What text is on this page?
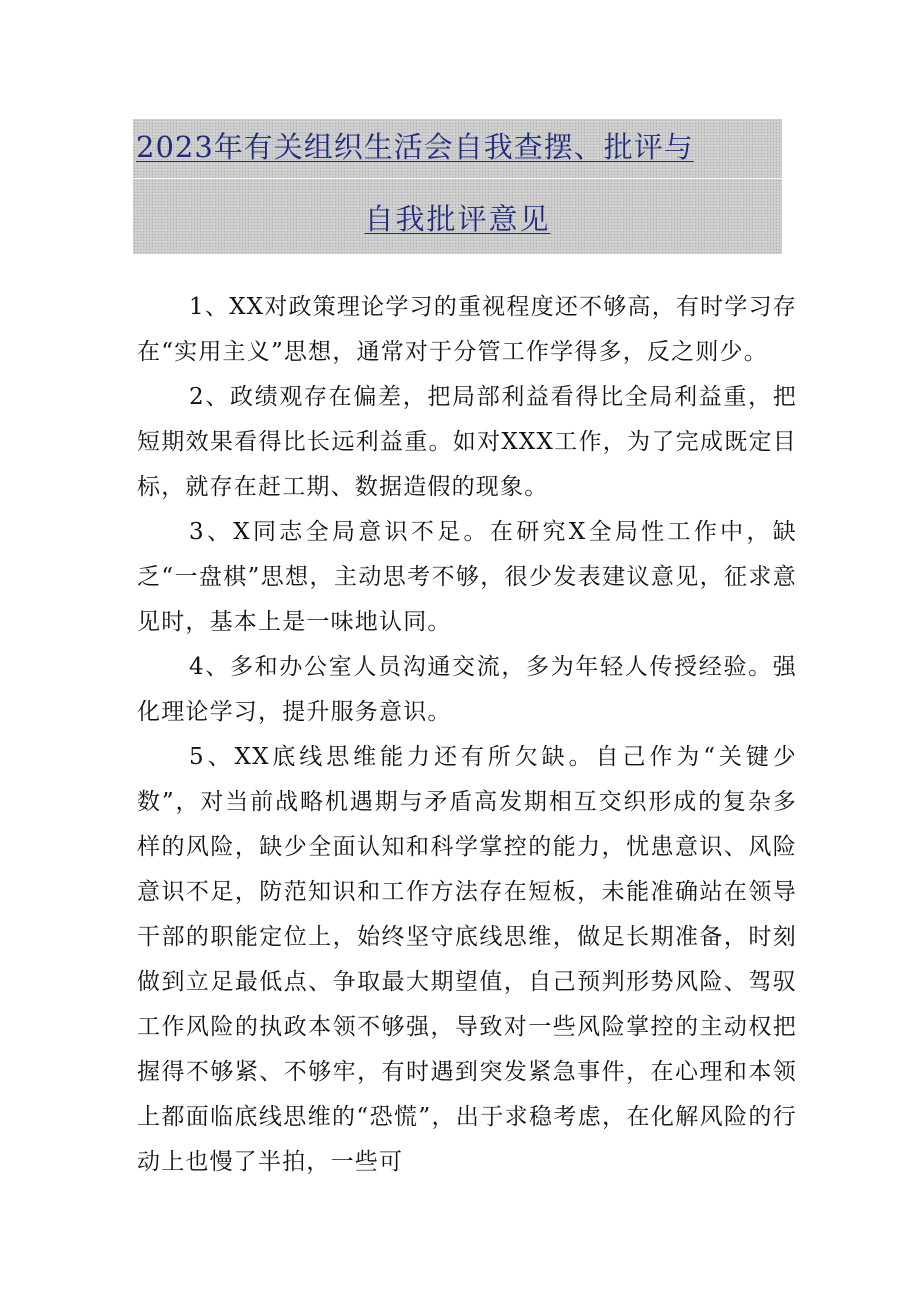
2023年有关组织生活会自我查摆、批评与
自我批评意见

1、XX对政策理论学习的重视程度还不够高，有时学习存在“实用主义”思想，通常对于分管工作学得多，反之则少。

2、政绩观存在偏差，把局部利益看得比全局利益重，把短期效果看得比长远利益重。如对XXX工作，为了完成既定目标，就存在赶工期、数据造假的现象。

3、X同志全局意识不足。在研究X全局性工作中，缺乏“一盘棋”思想，主动思考不够，很少发表建议意见，征求意见时，基本上是一味地认同。

4、多和办公室人员沟通交流，多为年轻人传授经验。强化理论学习，提升服务意识。

5、XX底线思维能力还有所欠缺。自己作为“关键少数”，对当前战略机遇期与矛盾高发期相互交织形成的复杂多样的风险，缺少全面认知和科学掌控的能力，忧患意识、风险意识不足，防范知识和工作方法存在短板，未能准确站在领导干部的职能定位上，始终坚守底线思维，做足长期准备，时刻做到立足最低点、争取最大期望值，自己预判形势风险、驾驭工作风险的执政本领不够强，导致对一些风险掌控的主动权把握得不够紧、不够牢，有时遇到突发紧急事件，在心理和本领上都面临底线思维的“恐慌”，出于求稳考虑，在化解风险的行动上也慢了半拍，一些可
